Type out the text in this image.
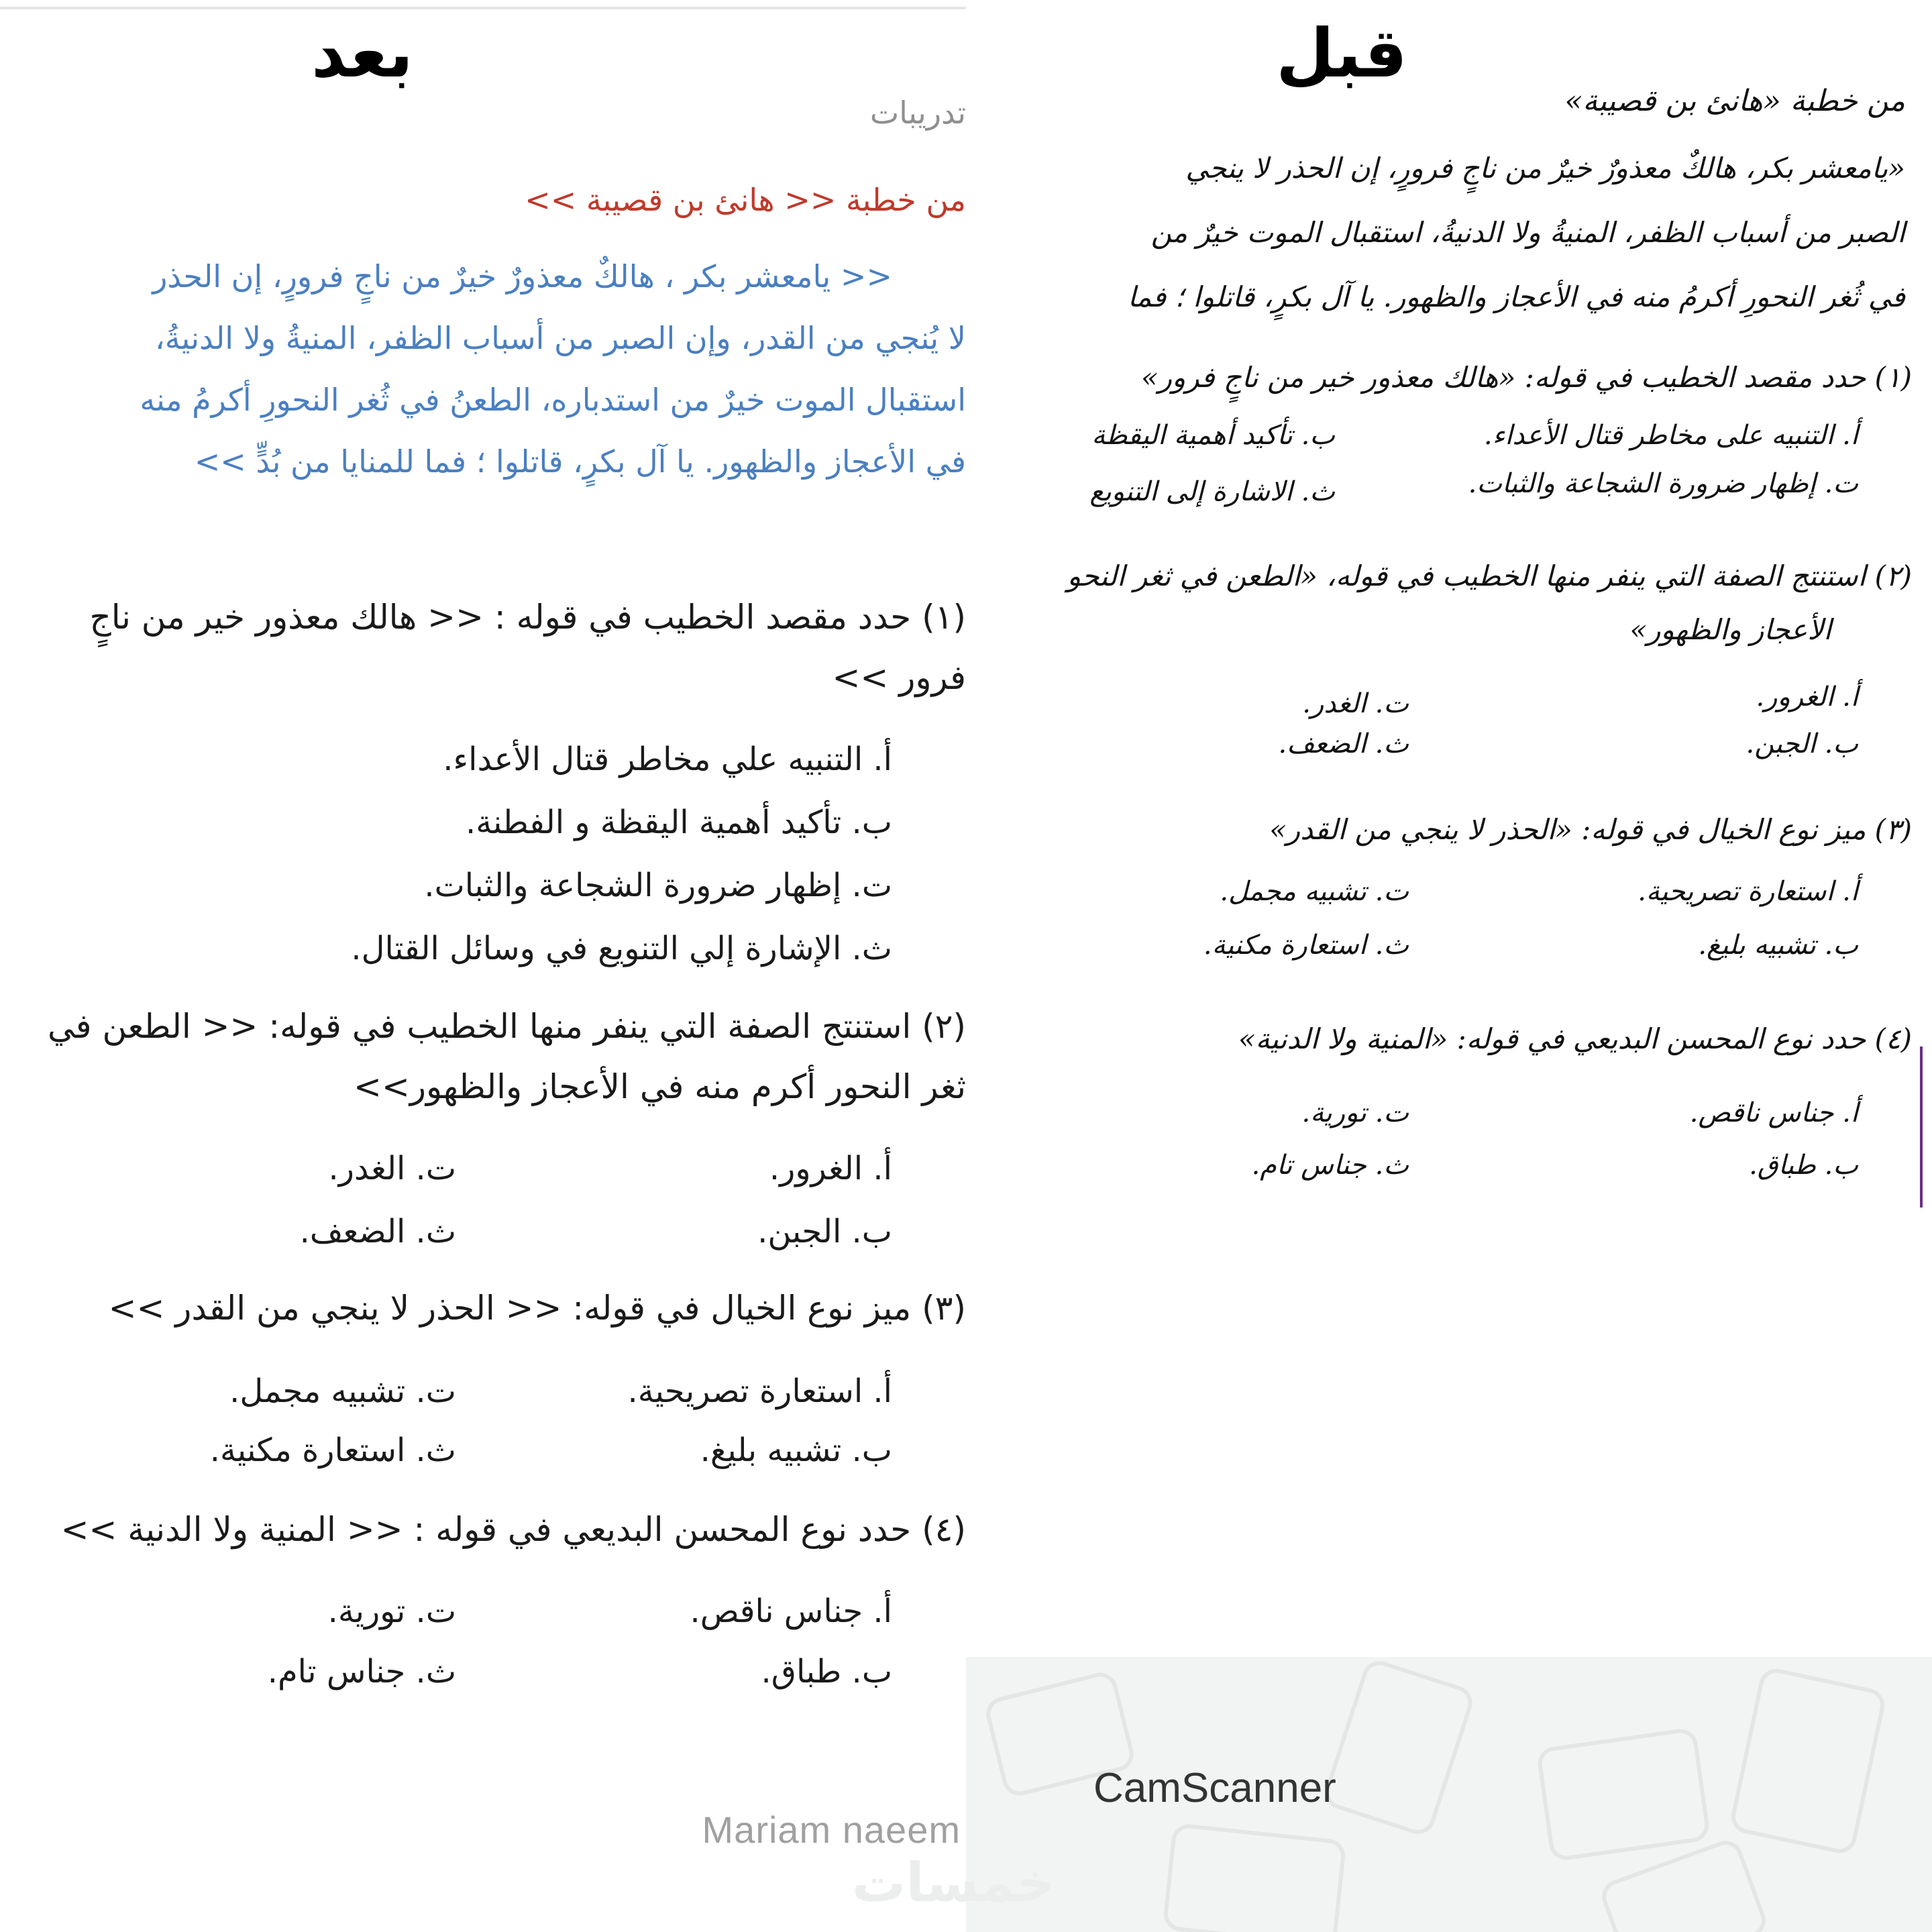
بعد
تدريبات
من خطبة << هانئ بن قصيبة >>
<< يامعشر بكر ، هالكٌ معذورٌ خيرٌ من ناجٍ فرورٍ، إن الحذر
لا يُنجي من القدر، وإن الصبر من أسباب الظفر، المنيةُ ولا الدنيةُ،
استقبال الموت خيرٌ من استدباره، الطعنُ في ثُغر النحورِ أكرمُ منه
في الأعجاز والظهور. يا آل بكرٍ، قاتلوا ؛ فما للمنايا من بُدٍّ >>
(١) حدد مقصد الخطيب في قوله : << هالك معذور خير من ناجٍ
فرور >>
أ. التنبيه علي مخاطر قتال الأعداء.
ب. تأكيد أهمية اليقظة و الفطنة.
ت. إظهار ضرورة الشجاعة والثبات.
ث. الإشارة إلي التنويع في وسائل القتال.
(٢) استنتج الصفة التي ينفر منها الخطيب في قوله: << الطعن في
ثغر النحور أكرم منه في الأعجاز والظهور>>
أ. الغرور.
ت. الغدر.
ب. الجبن.
ث. الضعف.
(٣) ميز نوع الخيال في قوله: << الحذر لا ينجي من القدر >>
أ. استعارة تصريحية.
ت. تشبيه مجمل.
ب. تشبيه بليغ.
ث. استعارة مكنية.
(٤) حدد نوع المحسن البديعي في قوله : << المنية ولا الدنية >>
أ. جناس ناقص.
ت. تورية.
ب. طباق.
ث. جناس تام.
Mariam naeem
قبل
من خطبة «هانئ بن قصيبة»
«يامعشر بكر، هالكٌ معذورٌ خيرٌ من ناجٍ فرورٍ، إن الحذر لا ينجي
الصبر من أسباب الظفر، المنيةُ ولا الدنيةُ، استقبال الموت خيرٌ من
في ثُغر النحورِ أكرمُ منه في الأعجاز والظهور. يا آل بكرٍ، قاتلوا ؛ فما
(١) حدد مقصد الخطيب في قوله: «هالك معذور خير من ناجٍ فرور»
أ. التنبيه على مخاطر قتال الأعداء.
ب. تأكيد أهمية اليقظة
ت. إظهار ضرورة الشجاعة والثبات.
ث. الاشارة إلى التنويع
(٢) استنتج الصفة التي ينفر منها الخطيب في قوله، «الطعن في ثغر النحو
الأعجاز والظهور»
أ. الغرور.
ت. الغدر.
ب. الجبن.
ث. الضعف.
(٣) ميز نوع الخيال في قوله: «الحذر لا ينجي من القدر»
أ. استعارة تصريحية.
ت. تشبيه مجمل.
ب. تشبيه بليغ.
ث. استعارة مكنية.
(٤) حدد نوع المحسن البديعي في قوله: «المنية ولا الدنية»
أ. جناس ناقص.
ت. تورية.
ب. طباق.
ث. جناس تام.
CamScanner
خمسات
